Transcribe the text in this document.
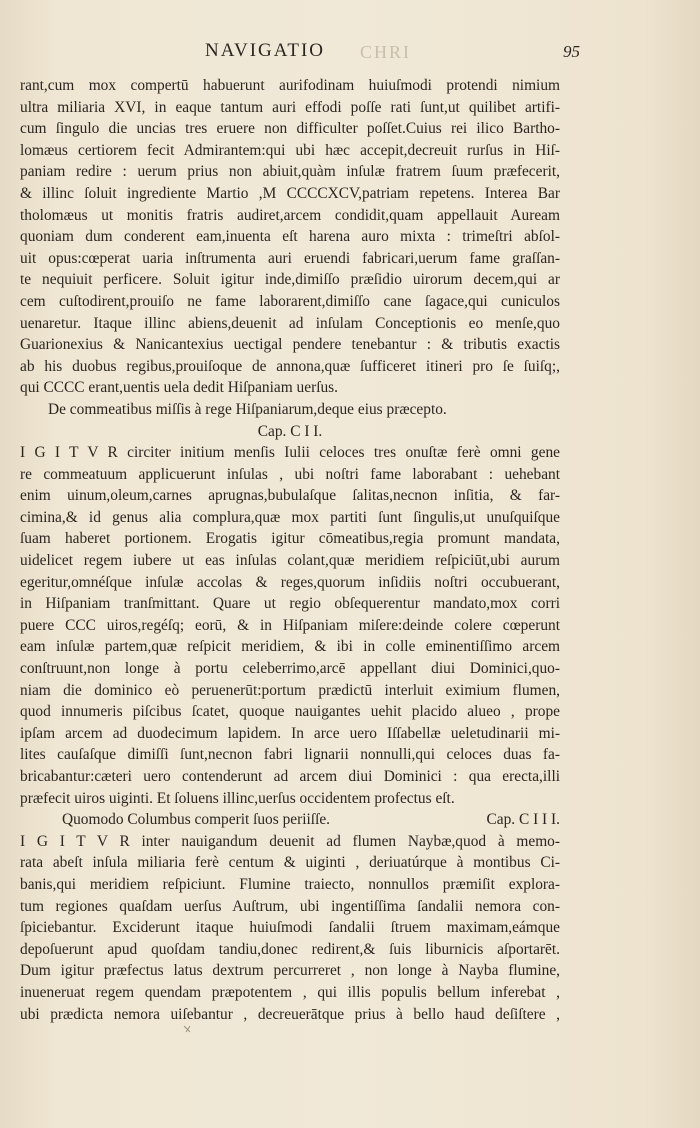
NAVIGATIO CHRI	95
rant,cum mox compertū habuerunt aurifodinam huiuſmodi protendi nimium
ultra miliaria XVI, in eaque tantum auri effodi poſſe rati ſunt,ut quilibet artifi-
cum ſingulo die uncias tres eruere non difficulter poſſet.Cuius rei ilico Bartho-
lomæus certiorem fecit Admirantem:qui ubi hæc accepit,decreuit rurſus in Hiſ-
paniam redire : uerum prius non abiuit,quàm inſulæ fratrem ſuum præfecerit,
& illinc ſoluit ingrediente Martio ,M CCCCXCV,patriam repetens. Interea Bar
tholomæus ut monitis fratris audiret,arcem condidit,quam appellauit Auream
quoniam dum conderent eam,inuenta eſt harena auro mixta : trimeſtri abſol-
uit opus:cœperat uaria inſtrumenta auri eruendi fabricari,uerum fame graſſan-
te nequiuit perficere. Soluit igitur inde,dimiſſo præſidio uirorum decem,qui ar
cem cuſtodirent,prouiſo ne fame laborarent,dimiſſo cane ſagace,qui cuniculos
uenaretur. Itaque illinc abiens,deuenit ad inſulam Conceptionis eo menſe,quo
Guarionexius & Nanicantexius uectigal pendere tenebantur : & tributis exactis
ab his duobus regibus,prouiſoque de annona,quæ ſufficeret itineri pro ſe ſuiſq;,
qui CCCC erant,uentis uela dedit Hiſpaniam uerſus.
De commeatibus miſſis à rege Hiſpaniarum,deque eius præcepto.
Cap. C I I.
I G I T V R circiter initium menſis Iulii celoces tres onuſtæ ferè omni gene
re commeatuum applicuerunt inſulas , ubi noſtri fame laborabant : uehebant
enim uinum,oleum,carnes aprugnas,bubulaſque ſalitas,necnon inſitia, & far-
cimina,& id genus alia complura,quæ mox partiti ſunt ſingulis,ut unuſquiſque
ſuam haberet portionem. Erogatis igitur cōmeatibus,regia promunt mandata,
uidelicet regem iubere ut eas inſulas colant,quæ meridiem reſpiciūt,ubi aurum
egeritur,omnéſque inſulæ accolas & reges,quorum inſidiis noſtri occubuerant,
in Hiſpaniam tranſmittant. Quare ut regio obſequerentur mandato,mox corri
puere CCC uiros,regéſq; eorū, & in Hiſpaniam miſere:deinde colere cœperunt
eam inſulæ partem,quæ reſpicit meridiem, & ibi in colle eminentiſſimo arcem
conſtruunt,non longe à portu celeberrimo,arcē appellant diui Dominici,quo-
niam die dominico eò peruenerūt:portum prædictū interluit eximium flumen,
quod innumeris piſcibus ſcatet, quoque nauigantes uehit placido alueo , prope
ipſam arcem ad duodecimum lapidem. In arce uero Iſſabellæ ueletudinarii mi-
lites cauſaſque dimiſſi ſunt,necnon fabri lignarii nonnulli,qui celoces duas fa-
bricabantur:cæteri uero contenderunt ad arcem diui Dominici : qua erecta,illi
præfecit uiros uiginti. Et ſoluens illinc,uerſus occidentem profectus eſt.
Quomodo Columbus comperit ſuos periiſſe.	Cap. C I I I.
I G I T V R inter nauigandum deuenit ad flumen Naybæ,quod à memo-
rata abeſt inſula miliaria ferè centum & uiginti , deriuatúrque à montibus Ci-
banis,qui meridiem reſpiciunt. Flumine traiecto, nonnullos præmiſit explora-
tum regiones quaſdam uerſus Auſtrum, ubi ingentiſſima ſandalii nemora con-
ſpiciebantur. Exciderunt itaque huiuſmodi ſandalii ſtruem maximam,eámque
depoſuerunt apud quoſdam tandiu,donec redirent,& ſuis liburnicis aſportarēt.
Dum igitur præfectus latus dextrum percurreret , non longe à Nayba flumine,
inueneruat regem quendam præpotentem , qui illis populis bellum inferebat ,
ubi prædicta nemora uiſebantur , decreuerātque prius à bello haud deſiſtere ,
